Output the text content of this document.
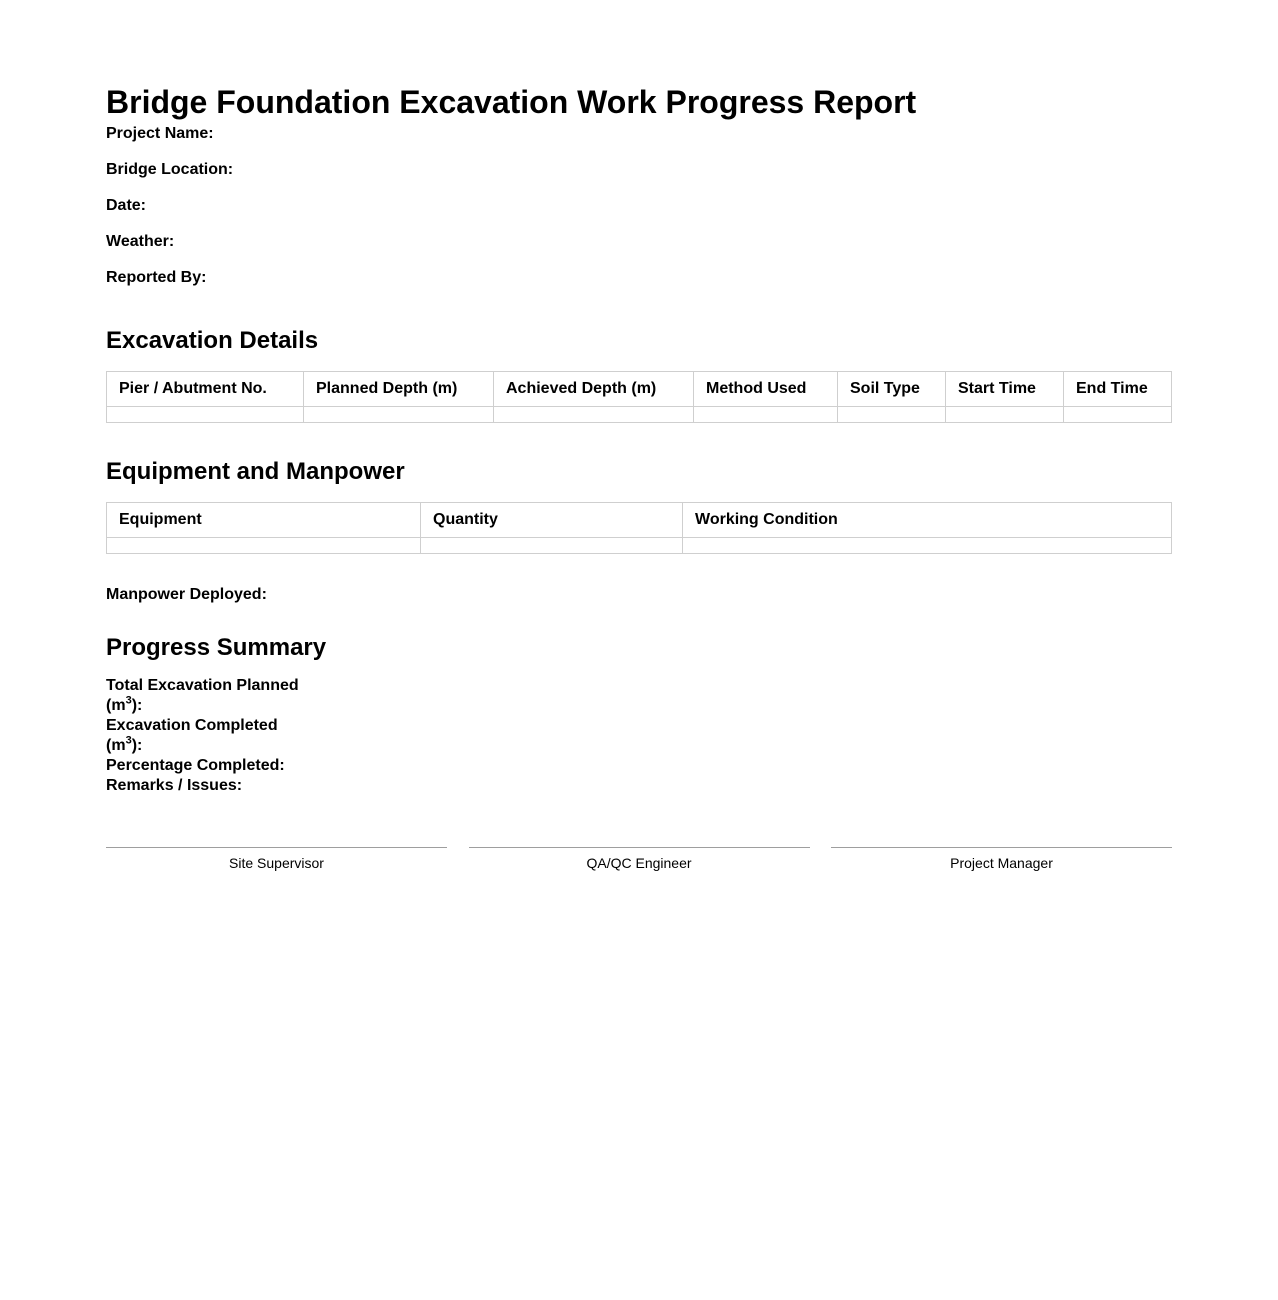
Bridge Foundation Excavation Work Progress Report
Project Name:
Bridge Location:
Date:
Weather:
Reported By:
Excavation Details
Pier / Abutment No.	Planned Depth (m)	Achieved Depth (m)	Method Used	Soil Type	Start Time	End Time

Equipment and Manpower
Equipment	Quantity	Working Condition

Manpower Deployed:
Progress Summary
Total Excavation Planned $(m^3)$:
Excavation Completed $(m^3)$:
Percentage Completed:
Remarks / Issues:
Site Supervisor	QA/QC Engineer	Project Manager
